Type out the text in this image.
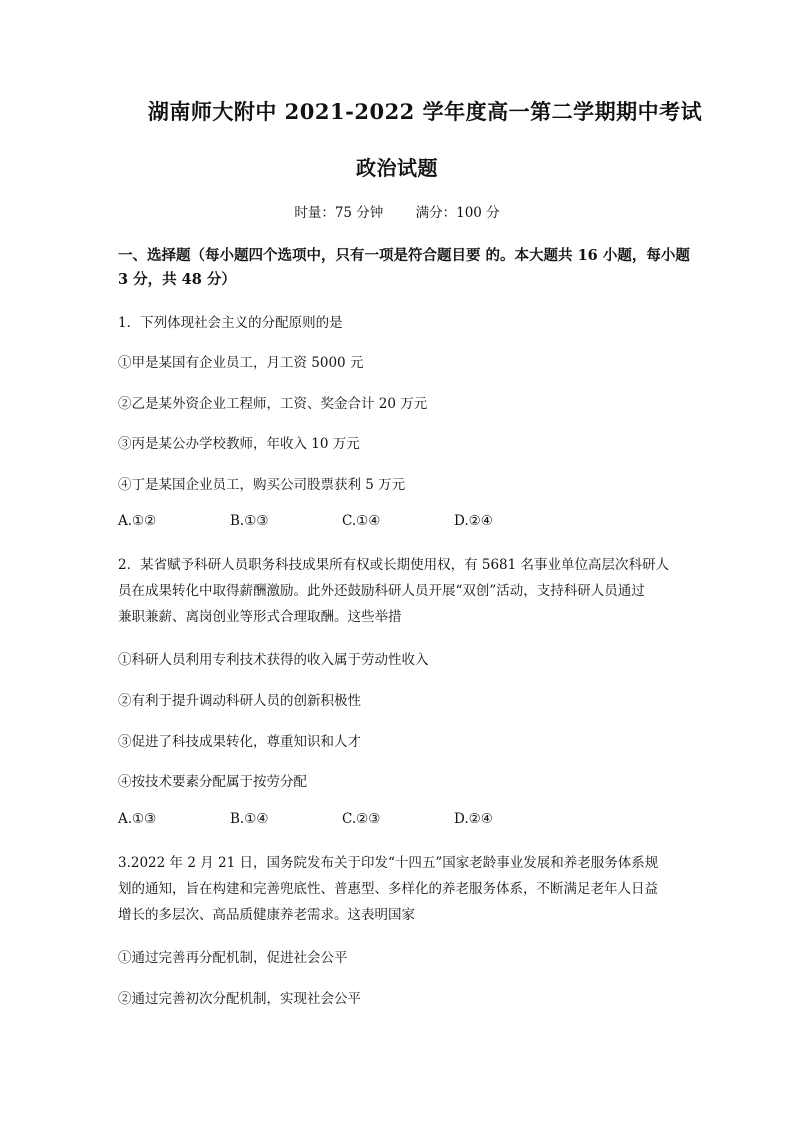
湖南师大附中 2021-2022 学年度高一第二学期期中考试
政治试题
时量：75 分钟 满分：100 分
一、选择题（每小题四个选项中，只有一项是符合题目要 的。本大题共 16 小题，每小题
3 分，共 48 分）
1．下列体现社会主义的分配原则的是
①甲是某国有企业员工，月工资 5000 元
②乙是某外资企业工程师，工资、奖金合计 20 万元
③丙是某公办学校教师，年收入 10 万元
④丁是某国企业员工，购买公司股票获利 5 万元
A.①②	B.①③	C.①④	D.②④
2．某省赋予科研人员职务科技成果所有权或长期使用权，有 5681 名事业单位高层次科研人
员在成果转化中取得薪酬激励。此外还鼓励科研人员开展“双创”活动，支持科研人员通过
兼职兼薪、离岗创业等形式合理取酬。这些举措
①科研人员利用专利技术获得的收入属于劳动性收入
②有利于提升调动科研人员的创新积极性
③促进了科技成果转化，尊重知识和人才
④按技术要素分配属于按劳分配
A.①③	B.①④	C.②③	D.②④
3.2022 年 2 月 21 日，国务院发布关于印发“十四五”国家老龄事业发展和养老服务体系规
划的通知，旨在构建和完善兜底性、普惠型、多样化的养老服务体系，不断满足老年人日益
增长的多层次、高品质健康养老需求。这表明国家
①通过完善再分配机制，促进社会公平
②通过完善初次分配机制，实现社会公平
